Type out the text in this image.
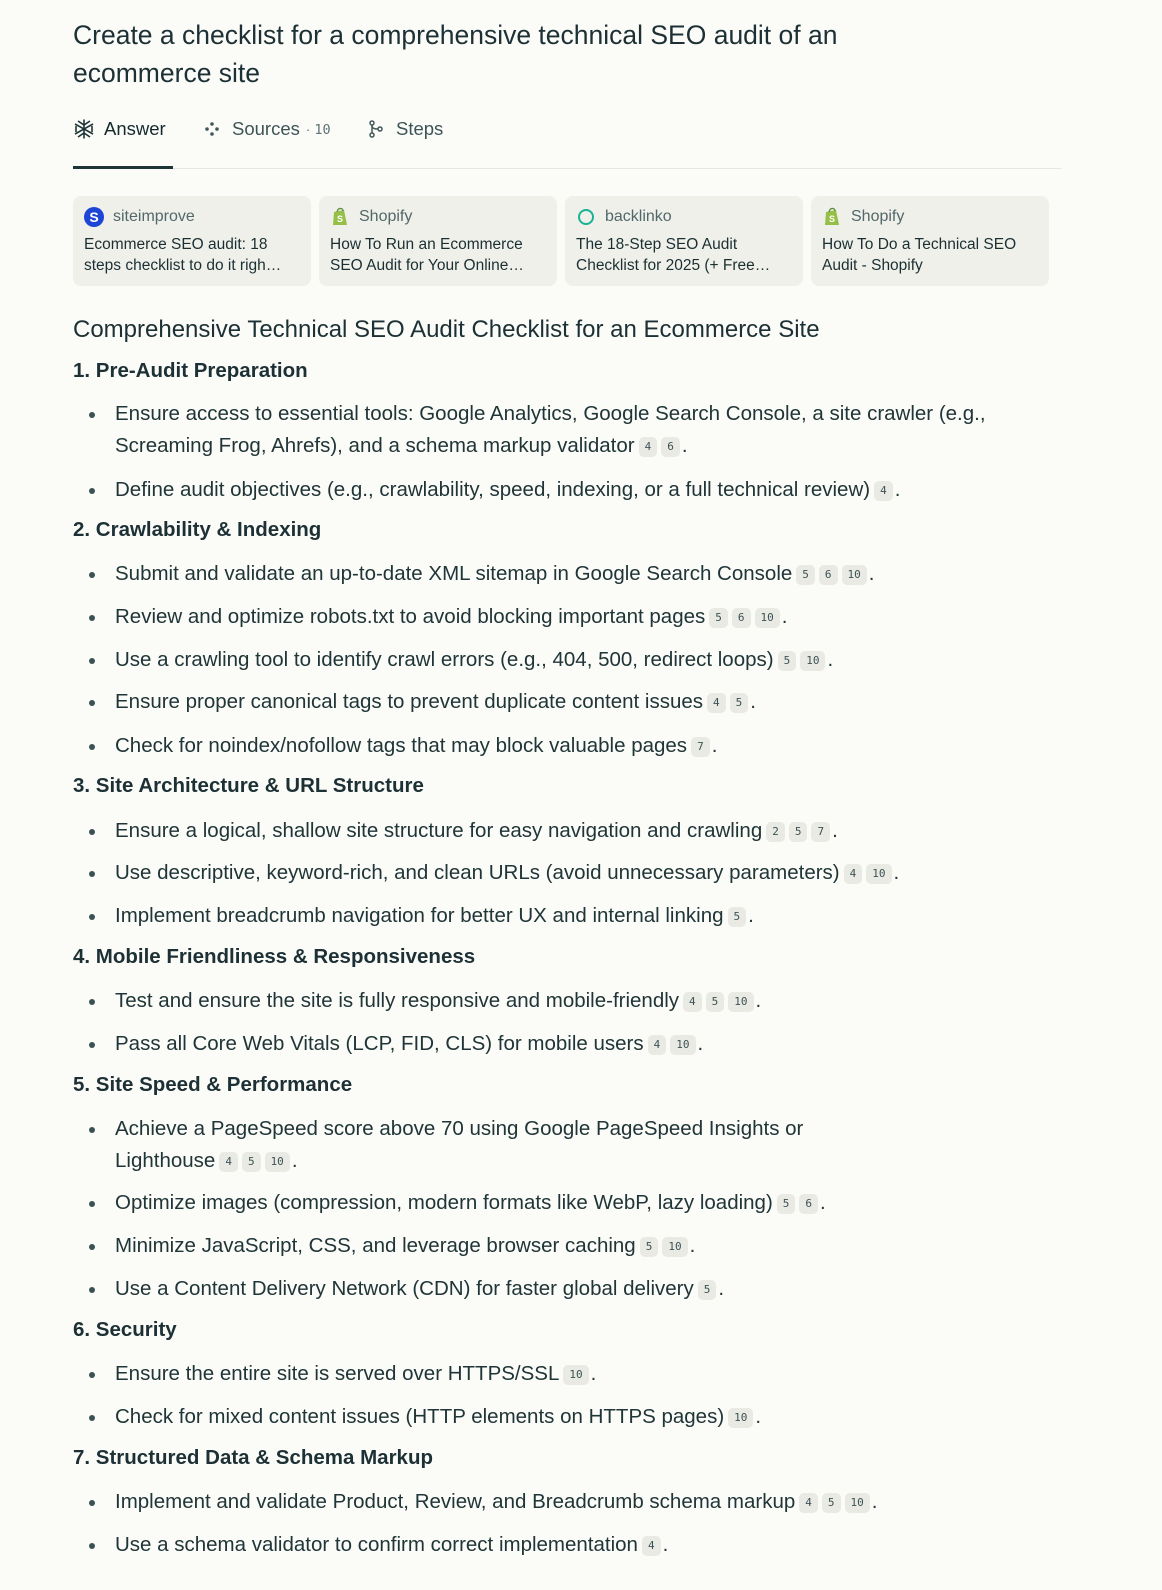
Create a checklist for a comprehensive technical SEO audit of an ecommerce site
Answer	Sources · 10	Steps
S siteimprove
Ecommerce SEO audit: 18 steps checklist to do it righ…
S Shopify
How To Run an Ecommerce SEO Audit for Your Online…
backlinko
The 18-Step SEO Audit Checklist for 2025 (+ Free…
S Shopify
How To Do a Technical SEO Audit - Shopify
Comprehensive Technical SEO Audit Checklist for an Ecommerce Site
1. Pre-Audit Preparation
Ensure access to essential tools: Google Analytics, Google Search Console, a site crawler (e.g., Screaming Frog, Ahrefs), and a schema markup validator 4 6 .
Define audit objectives (e.g., crawlability, speed, indexing, or a full technical review) 4 .
2. Crawlability & Indexing
Submit and validate an up-to-date XML sitemap in Google Search Console 5 6 10 .
Review and optimize robots.txt to avoid blocking important pages 5 6 10 .
Use a crawling tool to identify crawl errors (e.g., 404, 500, redirect loops) 5 10 .
Ensure proper canonical tags to prevent duplicate content issues 4 5 .
Check for noindex/nofollow tags that may block valuable pages 7 .
3. Site Architecture & URL Structure
Ensure a logical, shallow site structure for easy navigation and crawling 2 5 7 .
Use descriptive, keyword-rich, and clean URLs (avoid unnecessary parameters) 4 10 .
Implement breadcrumb navigation for better UX and internal linking 5 .
4. Mobile Friendliness & Responsiveness
Test and ensure the site is fully responsive and mobile-friendly 4 5 10 .
Pass all Core Web Vitals (LCP, FID, CLS) for mobile users 4 10 .
5. Site Speed & Performance
Achieve a PageSpeed score above 70 using Google PageSpeed Insights or Lighthouse 4 5 10 .
Optimize images (compression, modern formats like WebP, lazy loading) 5 6 .
Minimize JavaScript, CSS, and leverage browser caching 5 10 .
Use a Content Delivery Network (CDN) for faster global delivery 5 .
6. Security
Ensure the entire site is served over HTTPS/SSL 10 .
Check for mixed content issues (HTTP elements on HTTPS pages) 10 .
7. Structured Data & Schema Markup
Implement and validate Product, Review, and Breadcrumb schema markup 4 5 10 .
Use a schema validator to confirm correct implementation 4 .
